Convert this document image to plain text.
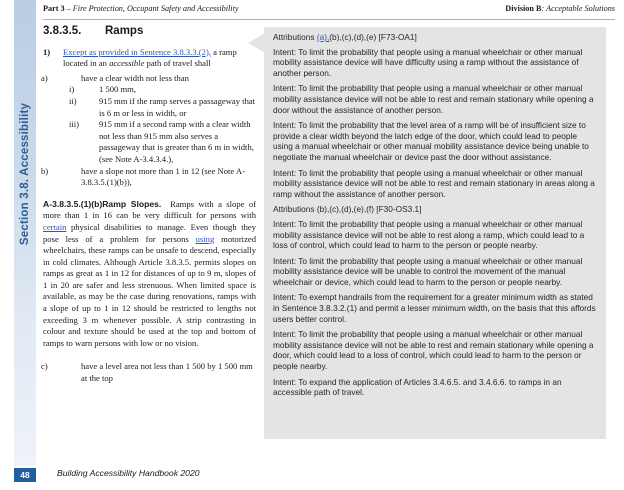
Section 3.8. Accessibility
48
Part 3 – Fire Protection, Occupant Safety and Accessibility	Division B: Acceptable Solutions
3.8.3.5. Ramps

1) Except as provided in Sentence 3.8.3.3.(2), a ramp located in an accessible path of travel shall

a)	have a clear width not less than

i)	1 500 mm,

ii)	915 mm if the ramp serves a passageway that is 6 m or less in width, or

iii) 915 mm if a second ramp with a clear width not less than 915 mm also serves a passageway that is greater than 6 m in width, (see Note A-3.4.3.4.),

b)	have a slope not more than 1 in 12 (see Note A-3.8.3.5.(1)(b)),

A-3.8.3.5.(1)(b)Ramp Slopes. Ramps with a slope of more than 1 in 16 can be very difficult for persons with certain physical disabilities to manage. Even though they pose less of a problem for persons using motorized wheelchairs, these ramps can be unsafe to descend, especially in cold climates. Although Article 3.8.3.5. permits slopes on ramps as great as 1 in 12 for distances of up to 9 m, slopes of 1 in 20 are safer and less strenuous. When limited space is available, as may be the case during renovations, ramps with a slope of up to 1 in 12 should be restricted to lengths not exceeding 3 m whenever possible. A strip contrasting in colour and texture should be used at the top and bottom of ramps to warn persons with low or no vision.

c)	have a level area not less than 1 500 by 1 500 mm at the top

Attributions (a),(b),(c),(d),(e) [F73-OA1]

Intent: To limit the probability that people using a manual wheelchair or other manual mobility assistance device will have difficulty using a ramp without the assistance of another person.

Intent: To limit the probability that people using a manual wheelchair or other manual mobility assistance device will not be able to rest and remain stationary while opening a door without the assistance of another person.

Intent: To limit the probability that the level area of a ramp will be of insufficient size to provide a clear width beyond the latch edge of the door, which could lead to people using a manual wheelchair or other manual mobility assistance device being unable to negotiate the manual wheelchair or device past the door without assistance.

Intent: To limit the probability that people using a manual wheelchair or other manual mobility assistance device will not be able to rest and remain stationary in areas along a ramp without the assistance of another person.

Attributions (b),(c),(d),(e),(f) [F30-OS3.1]

Intent: To limit the probability that people using a manual wheelchair or other manual mobility assistance device will not be able to rest along a ramp, which could lead to a loss of control, which could lead to harm to the person or people nearby.

Intent: To limit the probability that people using a manual wheelchair or other manual mobility assistance device will be unable to control the movement of the manual wheelchair or device, which could lead to harm to the person or people nearby.

Intent: To exempt handrails from the requirement for a greater minimum width as stated in Sentence 3.8.3.2.(1) and permit a lesser minimum width, on the basis that this affords users better control.

Intent: To limit the probability that people using a manual wheelchair or other manual mobility assistance device will not be able to rest and remain stationary while opening a door, which could lead to a loss of control, which could lead to harm to the person or people nearby.

Intent: To expand the application of Articles 3.4.6.5. and 3.4.6.6. to ramps in an accessible path of travel.

Building Accessibility Handbook 2020
